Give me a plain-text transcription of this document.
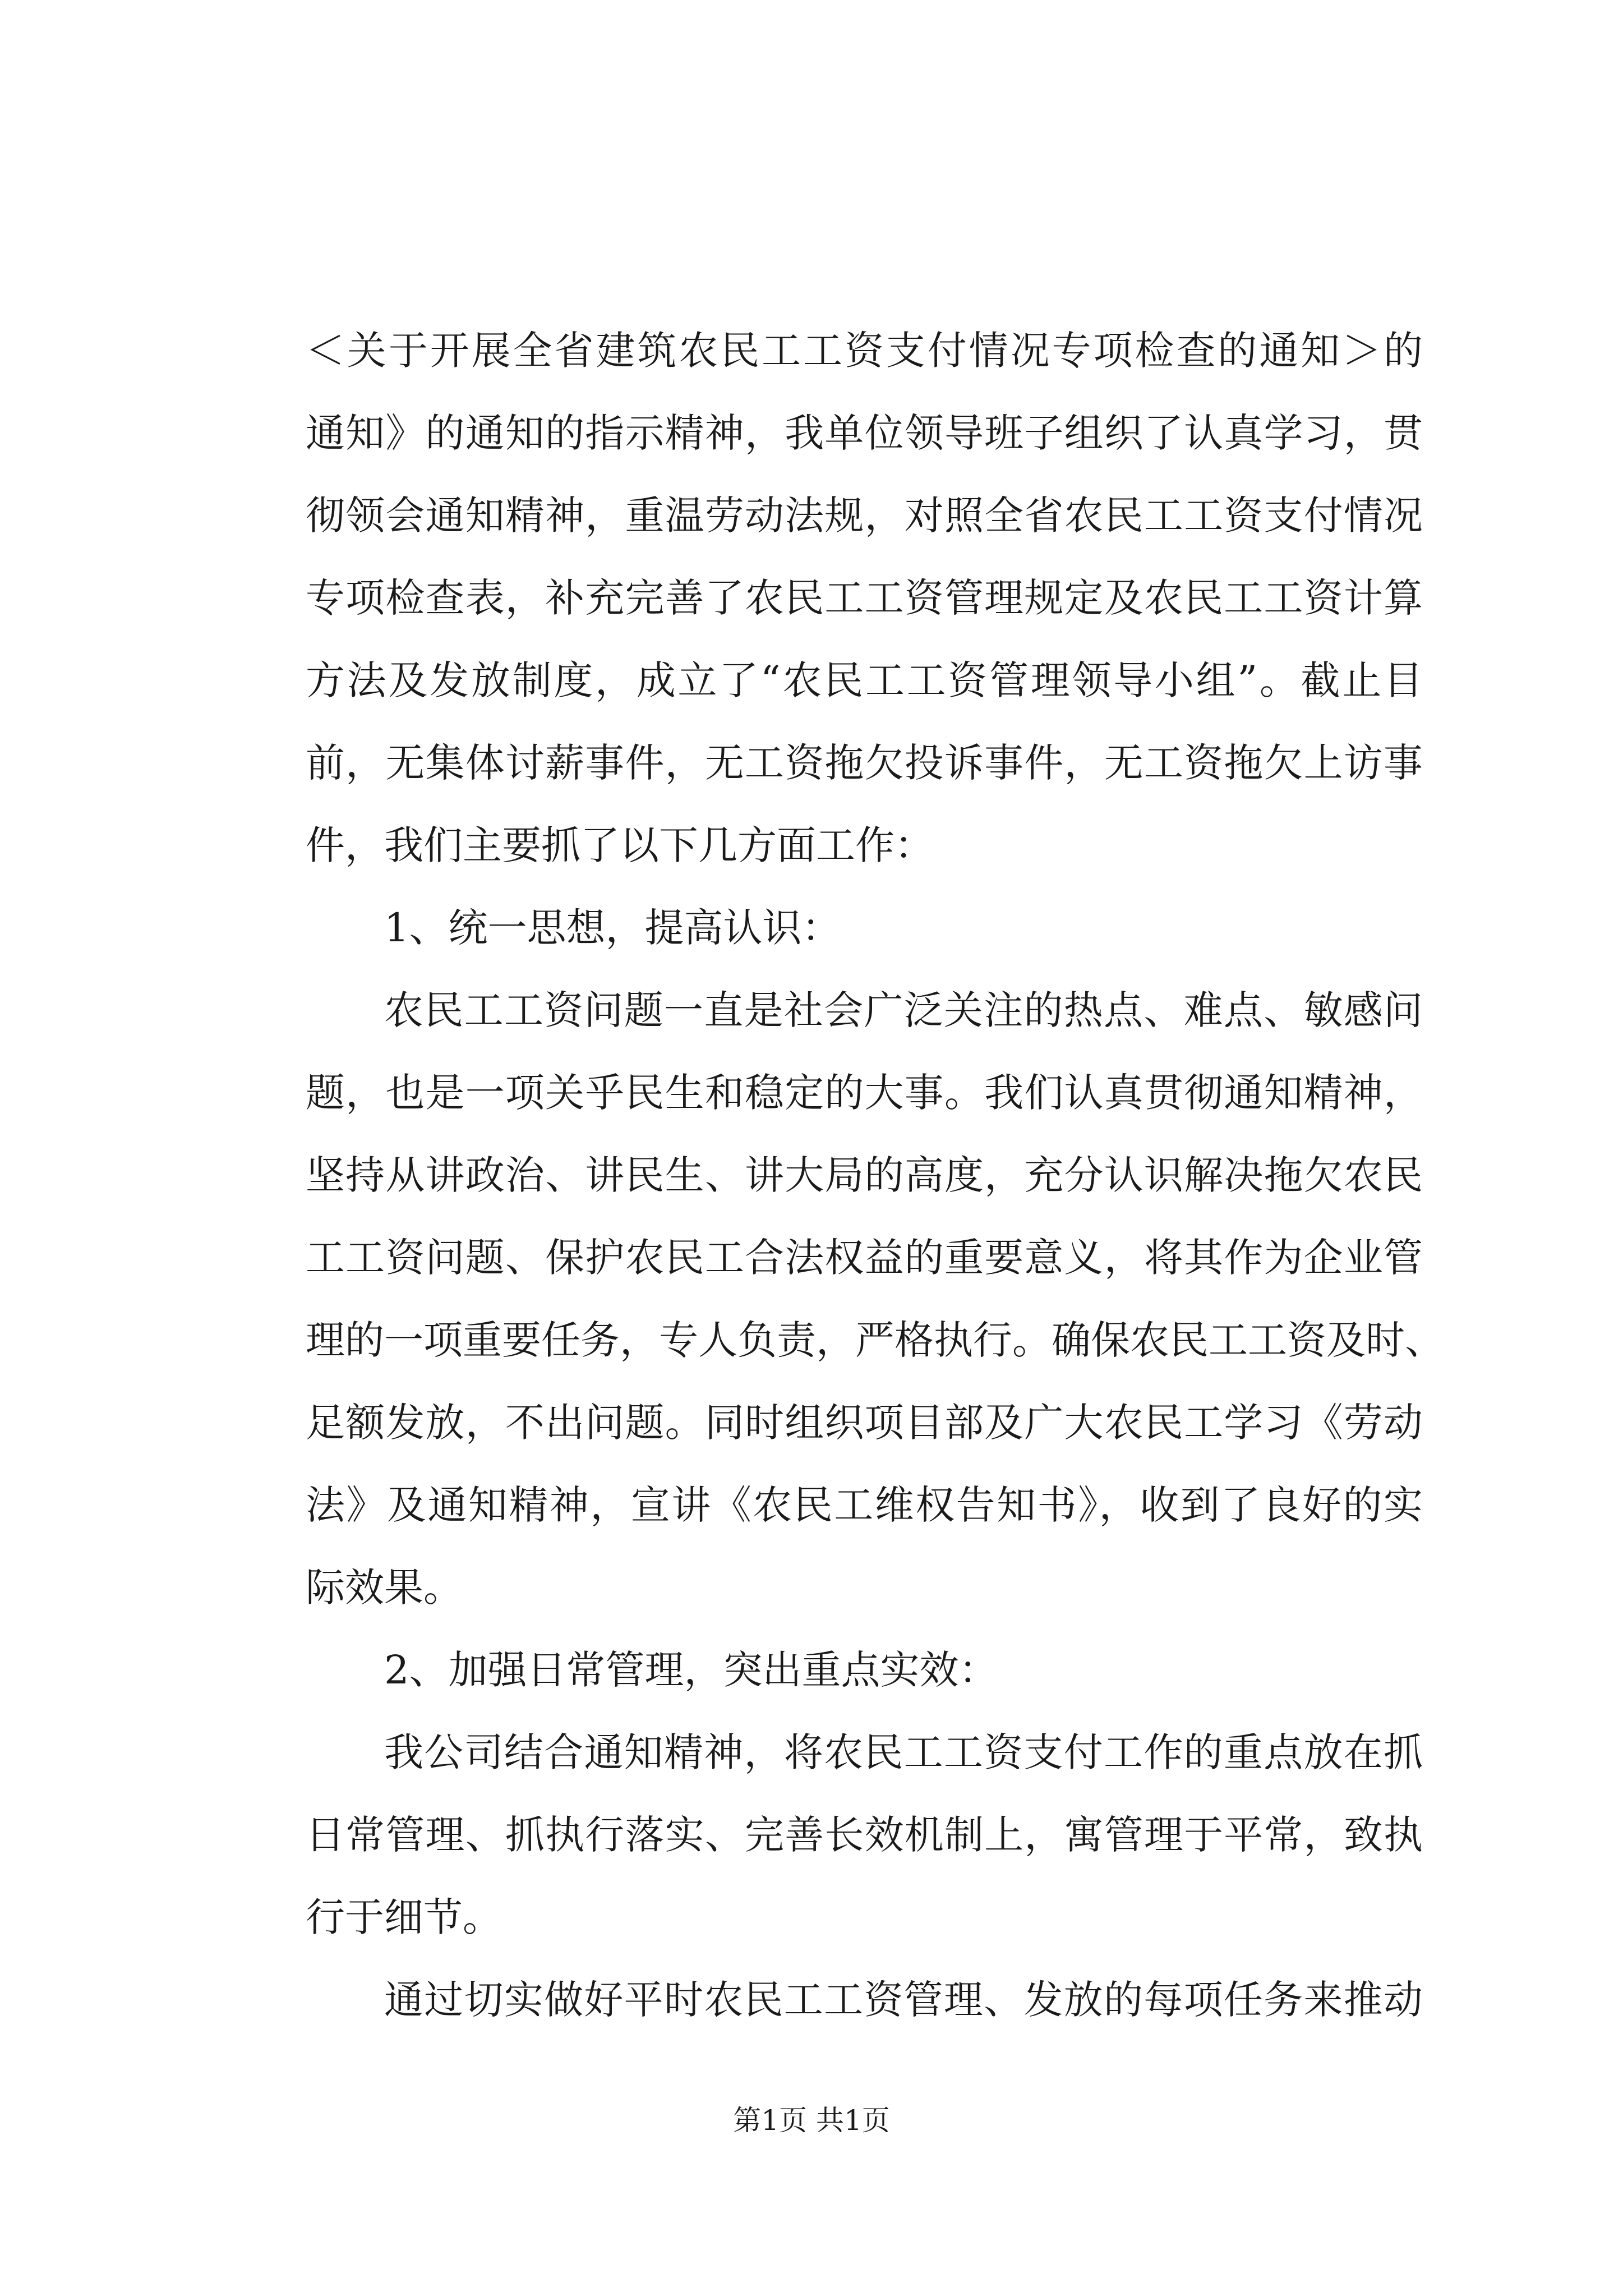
＜关于开展全省建筑农民工工资支付情况专项检查的通知＞的
通知》的通知的指示精神，我单位领导班子组织了认真学习，贯
彻领会通知精神，重温劳动法规，对照全省农民工工资支付情况
专项检查表，补充完善了农民工工资管理规定及农民工工资计算
方法及发放制度，成立了“农民工工资管理领导小组”。截止目
前，无集体讨薪事件，无工资拖欠投诉事件，无工资拖欠上访事
件，我们主要抓了以下几方面工作：
1、统一思想，提高认识：
农民工工资问题一直是社会广泛关注的热点、难点、敏感问
题，也是一项关乎民生和稳定的大事。我们认真贯彻通知精神，
坚持从讲政治、讲民生、讲大局的高度，充分认识解决拖欠农民
工工资问题、保护农民工合法权益的重要意义，将其作为企业管
理的一项重要任务，专人负责，严格执行。确保农民工工资及时、
足额发放，不出问题。同时组织项目部及广大农民工学习《劳动
法》及通知精神，宣讲《农民工维权告知书》，收到了良好的实
际效果。
2、加强日常管理，突出重点实效：
我公司结合通知精神，将农民工工资支付工作的重点放在抓
日常管理、抓执行落实、完善长效机制上，寓管理于平常，致执
行于细节。
通过切实做好平时农民工工资管理、发放的每项任务来推动
第1页 共1页
